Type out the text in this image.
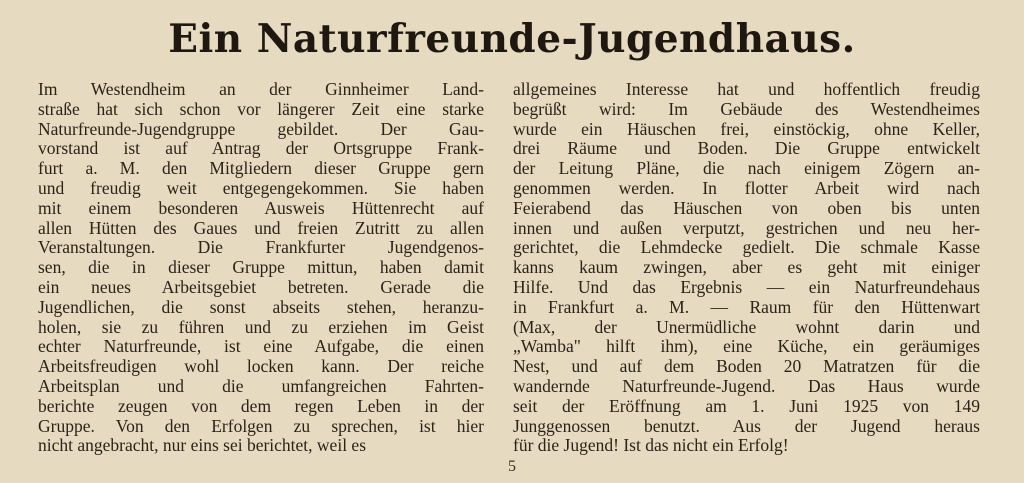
Ein Naturfreunde-Jugendhaus.
Im Westendheim an der Ginnheimer Land-
straße hat sich schon vor längerer Zeit eine starke
Naturfreunde-Jugendgruppe gebildet. Der Gau-
vorstand ist auf Antrag der Ortsgruppe Frank-
furt a. M. den Mitgliedern dieser Gruppe gern
und freudig weit entgegengekommen. Sie haben
mit einem besonderen Ausweis Hüttenrecht auf
allen Hütten des Gaues und freien Zutritt zu allen
Veranstaltungen. Die Frankfurter Jugendgenos-
sen, die in dieser Gruppe mittun, haben damit
ein neues Arbeitsgebiet betreten. Gerade die
Jugendlichen, die sonst abseits stehen, heranzu-
holen, sie zu führen und zu erziehen im Geist
echter Naturfreunde, ist eine Aufgabe, die einen
Arbeitsfreudigen wohl locken kann. Der reiche
Arbeitsplan und die umfangreichen Fahrten-
berichte zeugen von dem regen Leben in der
Gruppe. Von den Erfolgen zu sprechen, ist hier
nicht angebracht, nur eins sei berichtet, weil es
allgemeines Interesse hat und hoffentlich freudig
begrüßt wird: Im Gebäude des Westendheimes
wurde ein Häuschen frei, einstöckig, ohne Keller,
drei Räume und Boden. Die Gruppe entwickelt
der Leitung Pläne, die nach einigem Zögern an-
genommen werden. In flotter Arbeit wird nach
Feierabend das Häuschen von oben bis unten
innen und außen verputzt, gestrichen und neu her-
gerichtet, die Lehmdecke gedielt. Die schmale Kasse
kanns kaum zwingen, aber es geht mit einiger
Hilfe. Und das Ergebnis — ein Naturfreundehaus
in Frankfurt a. M. — Raum für den Hüttenwart
(Max, der Unermüdliche wohnt darin und
„Wamba" hilft ihm), eine Küche, ein geräumiges
Nest, und auf dem Boden 20 Matratzen für die
wandernde Naturfreunde-Jugend. Das Haus wurde
seit der Eröffnung am 1. Juni 1925 von 149
Junggenossen benutzt. Aus der Jugend heraus
für die Jugend! Ist das nicht ein Erfolg!
5
